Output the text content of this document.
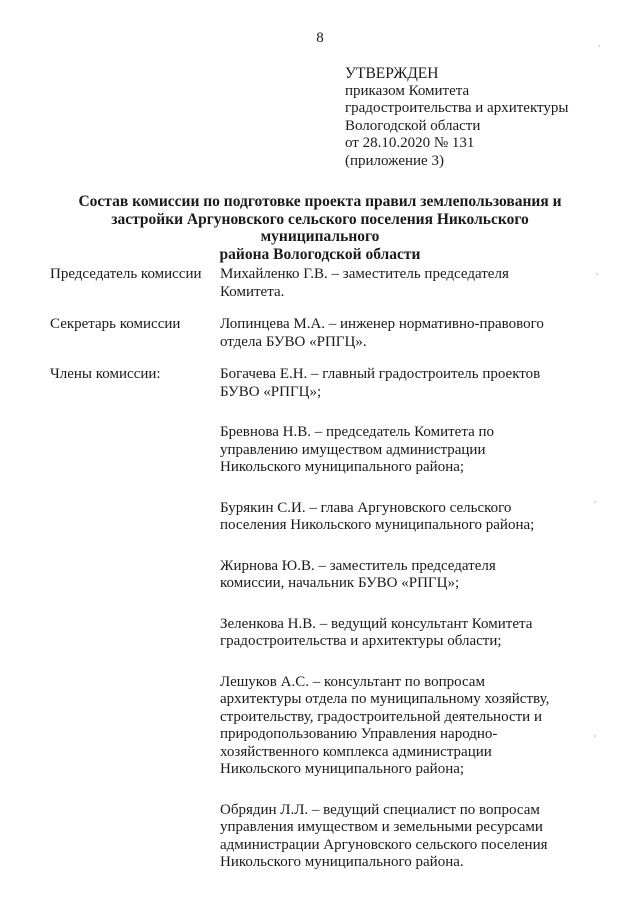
8
УТВЕРЖДЕН
приказом Комитета
градостроительства и архитектуры
Вологодской области
от 28.10.2020 № 131
(приложение 3)
Состав комиссии по подготовке проекта правил землепользования и
застройки Аргуновского сельского поселения Никольского муниципального
района Вологодской области
Председатель комиссии Михайленко Г.В. – заместитель председателя
Комитета.
Секретарь комиссии	Лопинцева М.А. – инженер нормативно-правового
отдела БУВО «РПГЦ».
Члены комиссии:	Богачева Е.Н. – главный градостроитель проектов
БУВО «РПГЦ»;
Бревнова Н.В. – председатель Комитета по
управлению имуществом администрации
Никольского муниципального района;
Бурякин С.И. – глава Аргуновского сельского
поселения Никольского муниципального района;
Жирнова Ю.В. – заместитель председателя
комиссии, начальник БУВО «РПГЦ»;
Зеленкова Н.В. – ведущий консультант Комитета
градостроительства и архитектуры области;
Лешуков А.С. – консультант по вопросам
архитектуры отдела по муниципальному хозяйству,
строительству, градостроительной деятельности и
природопользованию Управления народно-
хозяйственного комплекса администрации
Никольского муниципального района;
Обрядин Л.Л. – ведущий специалист по вопросам
управления имуществом и земельными ресурсами
администрации Аргуновского сельского поселения
Никольского муниципального района.
'
'
'
'
